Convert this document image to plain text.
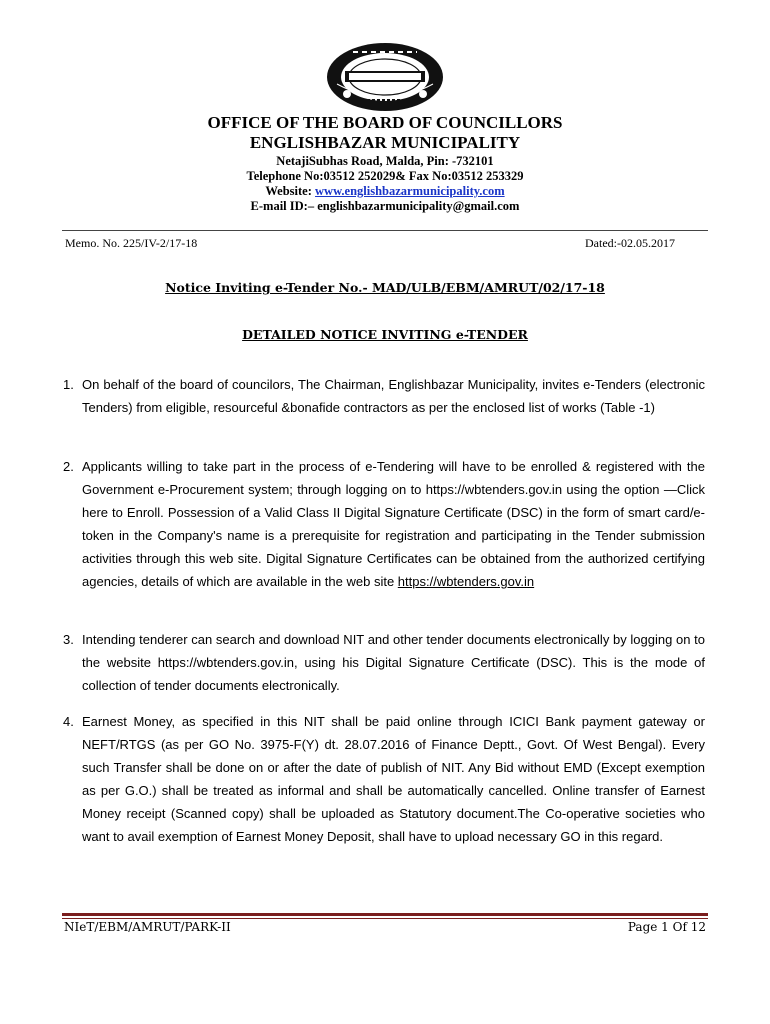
OFFICE OF THE BOARD OF COUNCILLORS
ENGLISHBAZAR MUNICIPALITY
NetajiSubhas Road, Malda, Pin: -732101
Telephone No:03512 252029& Fax No:03512 253329
Website: www.englishbazarmunicipality.com
E-mail ID:– englishbazarmunicipality@gmail.com
Memo. No. 225/IV-2/17-18	Dated:-02.05.2017
Notice Inviting e-Tender No.- MAD/ULB/EBM/AMRUT/02/17-18
DETAILED NOTICE INVITING e-TENDER
1. On behalf of the board of councilors, The Chairman, Englishbazar Municipality, invites e-Tenders (electronic Tenders) from eligible, resourceful &bonafide contractors as per the enclosed list of works (Table -1)
2. Applicants willing to take part in the process of e-Tendering will have to be enrolled & registered with the Government e-Procurement system; through logging on to https://wbtenders.gov.in using the option —Click here to Enroll. Possession of a Valid Class II Digital Signature Certificate (DSC) in the form of smart card/e-token in the Company's name is a prerequisite for registration and participating in the Tender submission activities through this web site. Digital Signature Certificates can be obtained from the authorized certifying agencies, details of which are available in the web site https://wbtenders.gov.in
3. Intending tenderer can search and download NIT and other tender documents electronically by logging on to the website https://wbtenders.gov.in, using his Digital Signature Certificate (DSC). This is the mode of collection of tender documents electronically.
4. Earnest Money, as specified in this NIT shall be paid online through ICICI Bank payment gateway or NEFT/RTGS (as per GO No. 3975-F(Y) dt. 28.07.2016 of Finance Deptt., Govt. Of West Bengal). Every such Transfer shall be done on or after the date of publish of NIT. Any Bid without EMD (Except exemption as per G.O.) shall be treated as informal and shall be automatically cancelled. Online transfer of Earnest Money receipt (Scanned copy) shall be uploaded as Statutory document.The Co-operative societies who want to avail exemption of Earnest Money Deposit, shall have to upload necessary GO in this regard.
NIeT/EBM/AMRUT/PARK-II	Page 1 Of 12
